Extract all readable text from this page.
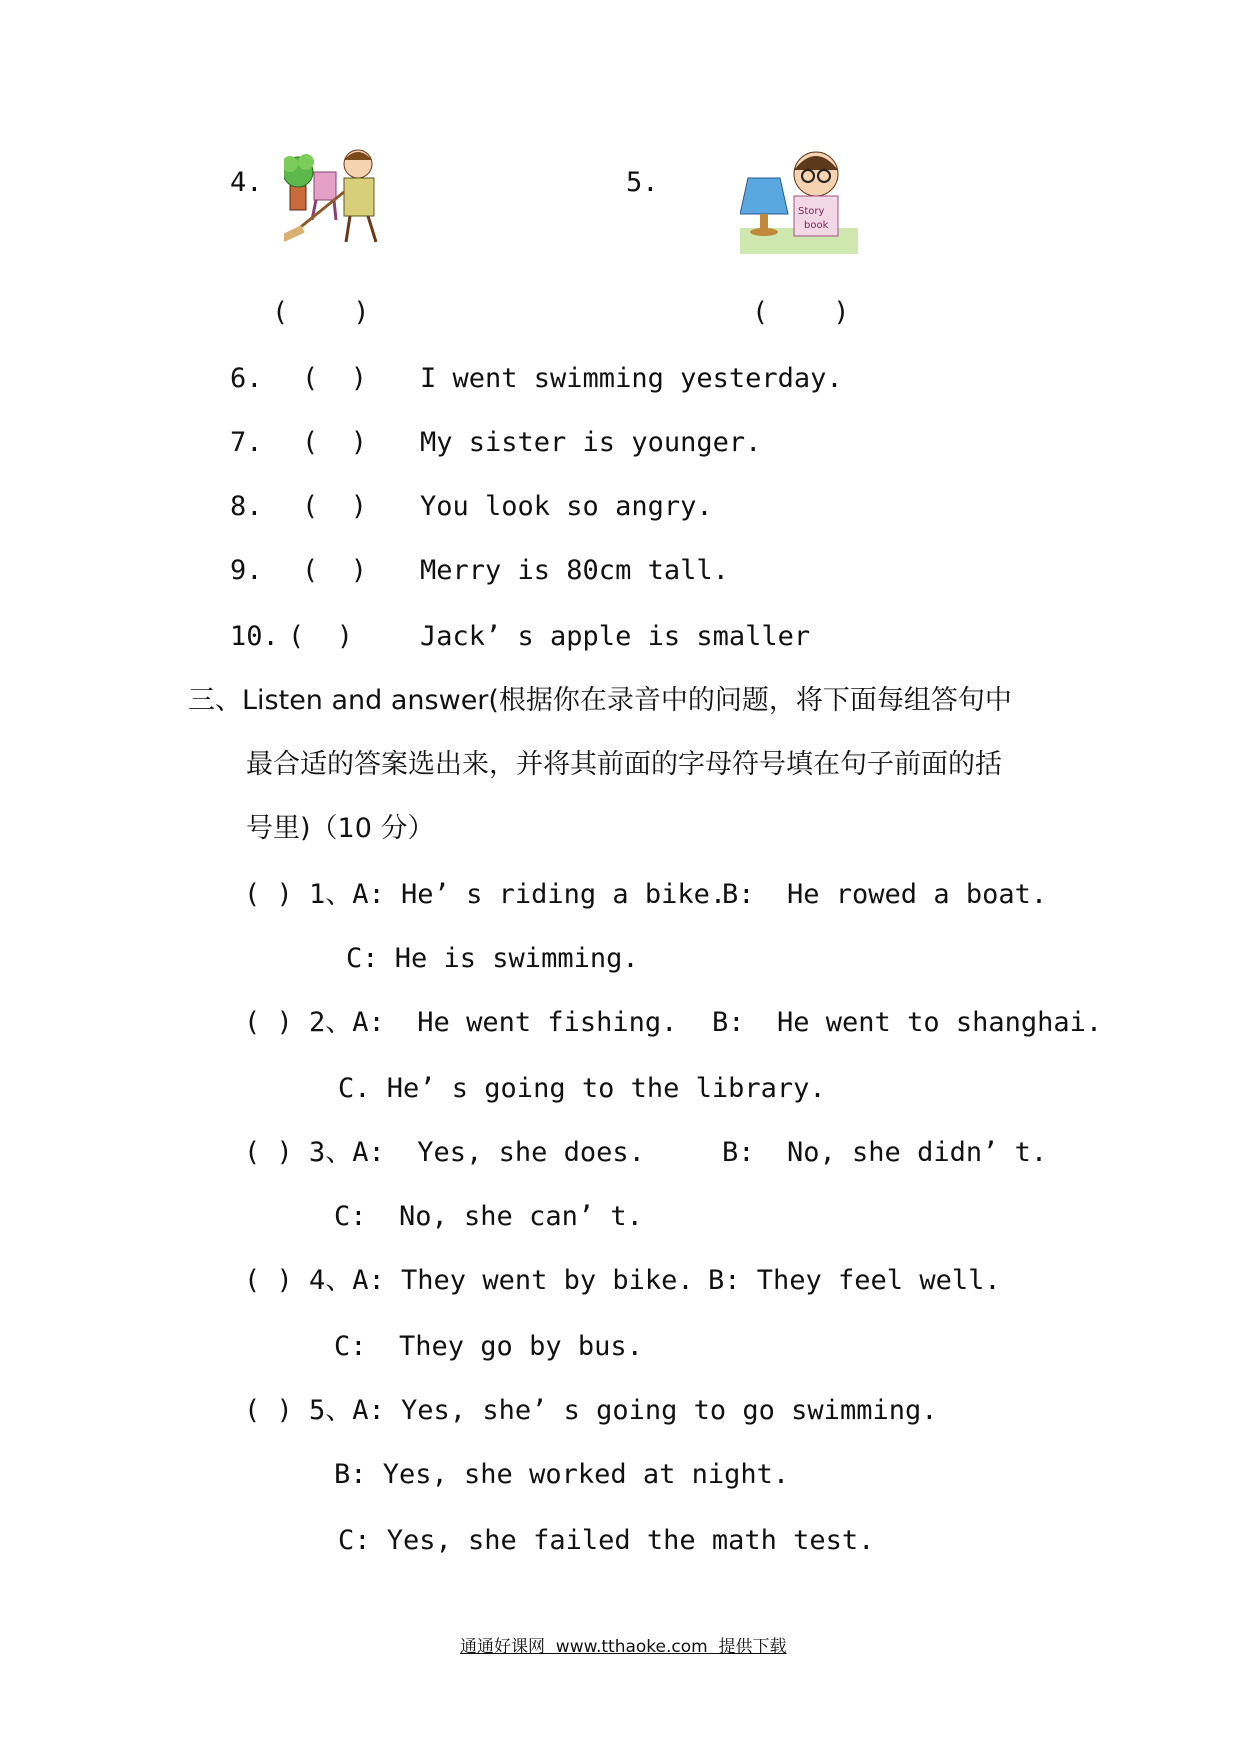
4.	5.
Story
book
(    )	(    )
6. (  ) I went swimming yesterday.
7. (  ) My sister is younger.
8. (  ) You look so angry.
9. (  ) Merry is 80cm tall.
10. (  ) Jack’ s apple is smaller
三、Listen and answer(根据你在录音中的问题，将下面每组答句中
最合适的答案选出来，并将其前面的字母符号填在句子前面的括
号里)（10 分）
( ) 1、A: He’ s riding a bike.
B:  He rowed a boat.
C: He is swimming.
( ) 2、A:  He went fishing. B:  He went to shanghai.
C. He’ s going to the library.
( ) 3、A:  Yes, she does.	B:  No, she didn’ t.
C:  No, she can’ t.
( ) 4、A: They went by bike. B: They feel well.
C:  They go by bus.
( ) 5、A: Yes, she’ s going to go swimming.
B: Yes, she worked at night.
C: Yes, she failed the math test.
通通好课网  www.tthaoke.com  提供下载
